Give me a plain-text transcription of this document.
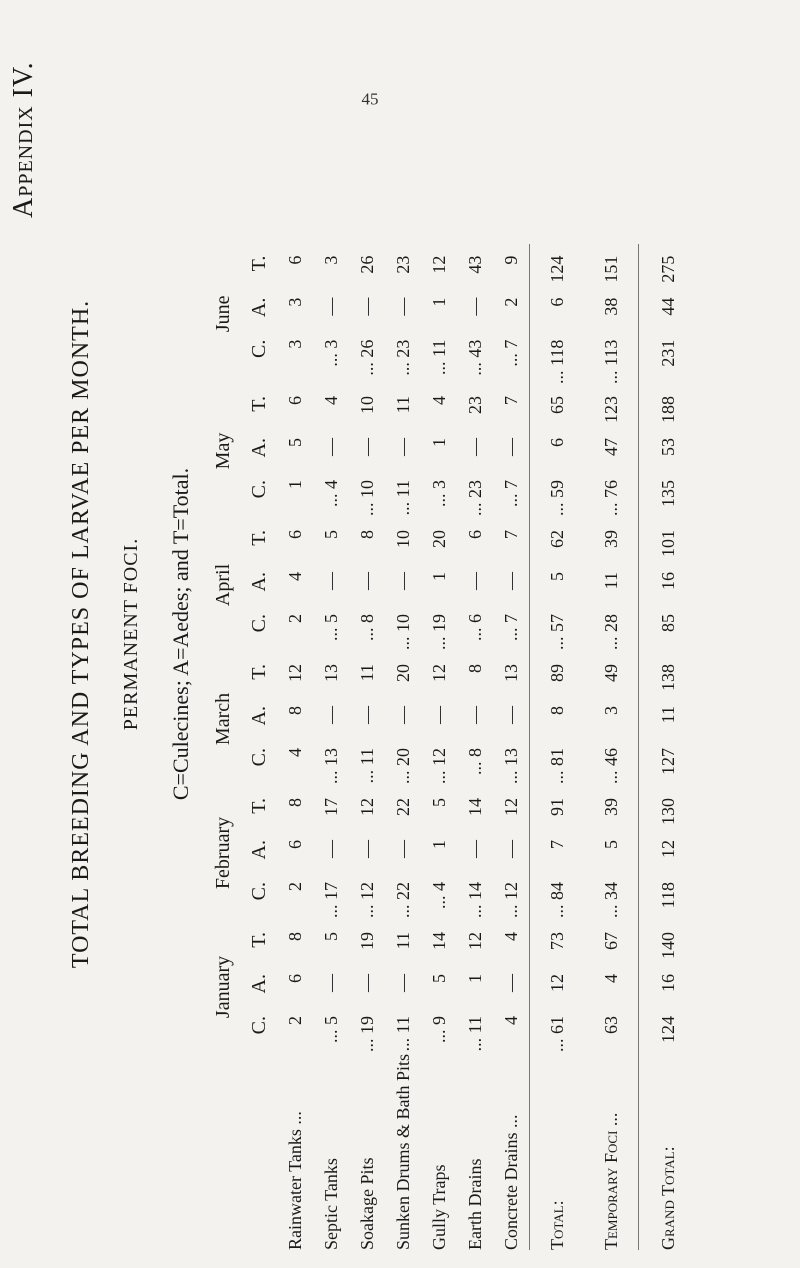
Appendix IV.	45
TOTAL BREEDING AND TYPES OF LARVAE PER MONTH. PERMANENT FOCI. C=Culecines; A=Aedes; and T=Total.
	January			February			March			April			May			June		
	C.	A.	T.	C.	A.	T.	C.	A.	T.	C.	A.	T.	C.	A.	T.	C.	A.	T.
Rainwater Tanks ...	2	6	8	2	6	8	4	8	12	2	4	6	1	5	6	3	3	6
Septic Tanks	... 5	—	5	... 17	—	17	... 13	—	13	... 5	—	5	... 4	—	4	... 3	—	3
Soakage Pits	... 19	—	19	... 12	—	12	... 11	—	11	... 8	—	8	... 10	—	10	... 26	—	26
Sunken Drums & Bath Pits	... 11	—	11	... 22	—	22	... 20	—	20	... 10	—	10	... 11	—	11	... 23	—	23
Gully Traps	... 9	5	14	... 4	1	5	... 12	—	12	... 19	1	20	... 3	1	4	... 11	1	12
Earth Drains	... 11	1	12	... 14	—	14	... 8	—	8	... 6	—	6	... 23	—	23	... 43	—	43
Concrete Drains ...	4	—	4	... 12	—	12	... 13	—	13	... 7	—	7	... 7	—	7	... 7	2	9
Total:	... 61	12	73	... 84	7	91	... 81	8	89	... 57	5	62	... 59	6	65	... 118	6	124
Temporary Foci ...	63	4	67	... 34	5	39	... 46	3	49	... 28	11	39	... 76	47	123	... 113	38	151
Grand Total:	124	16	140	118	12	130	127	11	138	85	16	101	135	53	188	231	44	275
